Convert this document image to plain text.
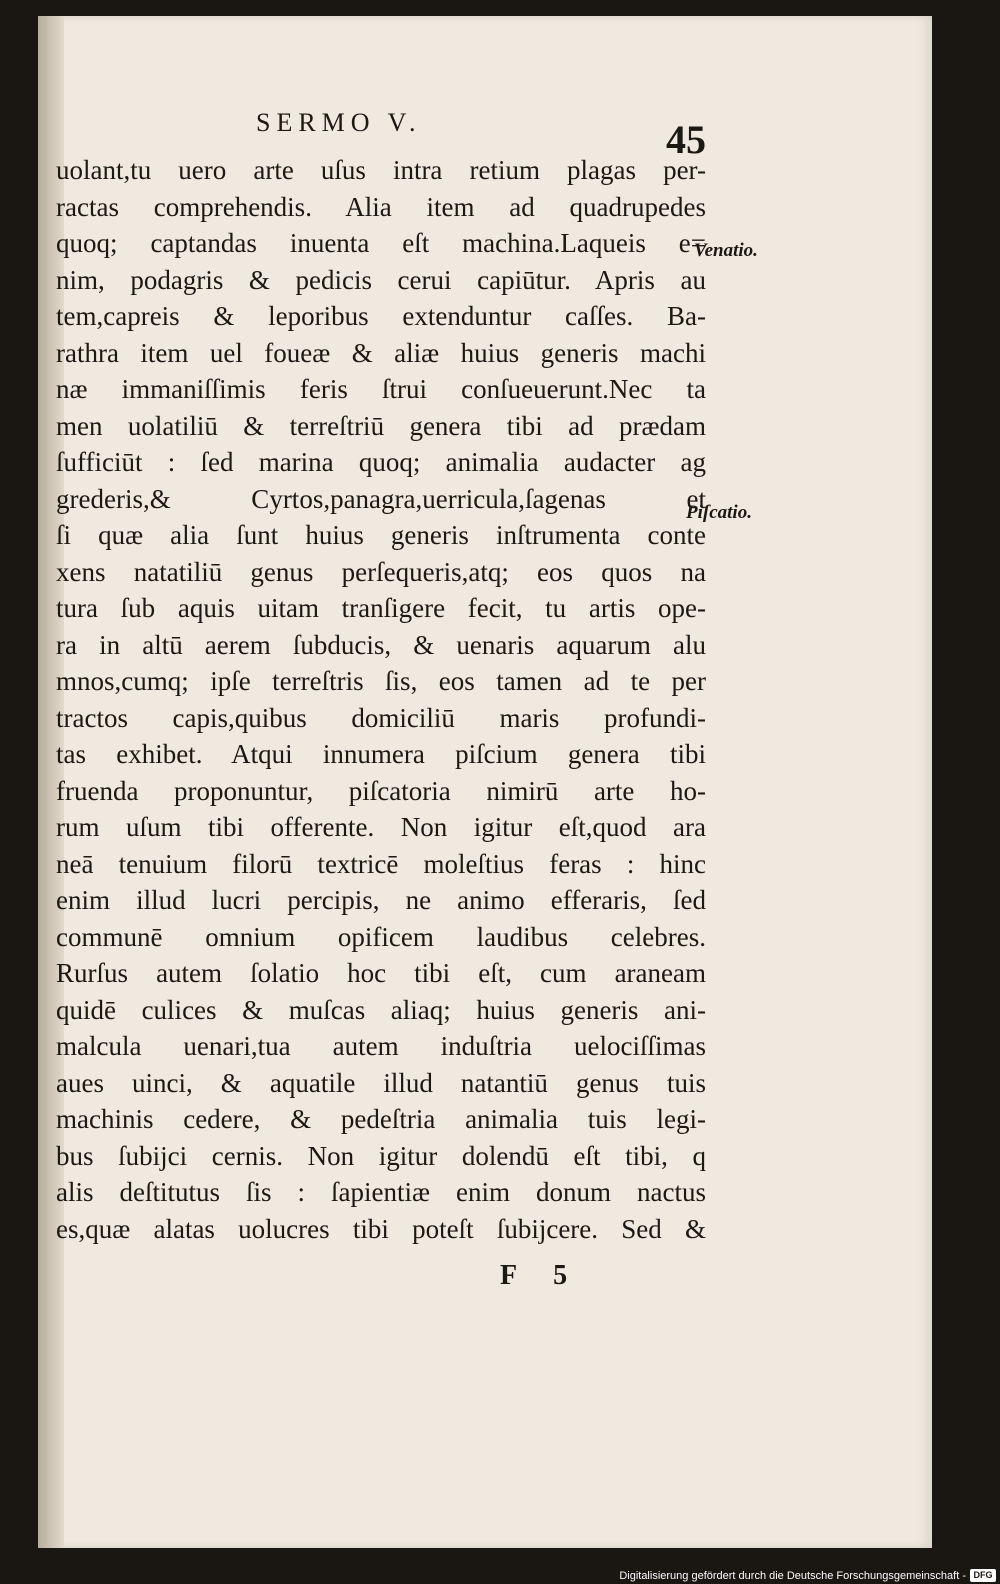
SERMO V.	45
uolant,tu uero arte uſus intra retium plagas per-
ractas comprehendis. Alia item ad quadrupedes
quoq; captandas inuenta eſt machina.Laqueis e=
nim, podagris & pedicis cerui capiūtur. Apris au
tem,capreis & leporibus extenduntur caſſes. Ba-
rathra item uel foueæ & aliæ huius generis machi
næ immaniſſimis feris ſtrui conſueuerunt.Nec ta
men uolatiliū & terreſtriū genera tibi ad prædam
ſufficiūt : ſed marina quoq; animalia audacter ag
grederis,& Cyrtos,panagra,uerricula,ſagenas et
ſi quæ alia ſunt huius generis inſtrumenta conte
xens natatiliū genus perſequeris,atq; eos quos na
tura ſub aquis uitam tranſigere fecit, tu artis ope-
ra in altū aerem ſubducis, & uenaris aquarum alu
mnos,cumq; ipſe terreſtris ſis, eos tamen ad te per
tractos capis,quibus domiciliū maris profundi-
tas exhibet. Atqui innumera piſcium genera tibi
fruenda proponuntur, piſcatoria nimirū arte ho-
rum uſum tibi offerente. Non igitur eſt,quod ara
neā tenuium filorū textricē moleſtius feras : hinc
enim illud lucri percipis, ne animo efferaris, ſed
communē omnium opificem laudibus celebres.
Rurſus autem ſolatio hoc tibi eſt, cum araneam
quidē culices & muſcas aliaq; huius generis ani-
malcula uenari,tua autem induſtria uelociſſimas
aues uinci, & aquatile illud natantiū genus tuis
machinis cedere, & pedeſtria animalia tuis legi-
bus ſubijci cernis. Non igitur dolendū eſt tibi, q
alis deſtitutus ſis : ſapientiæ enim donum nactus
es,quæ alatas uolucres tibi poteſt ſubijcere. Sed &
Venatio.
Piſcatio.
F 5
Digitalisierung gefördert durch die Deutsche Forschungsgemeinschaft - DFG
